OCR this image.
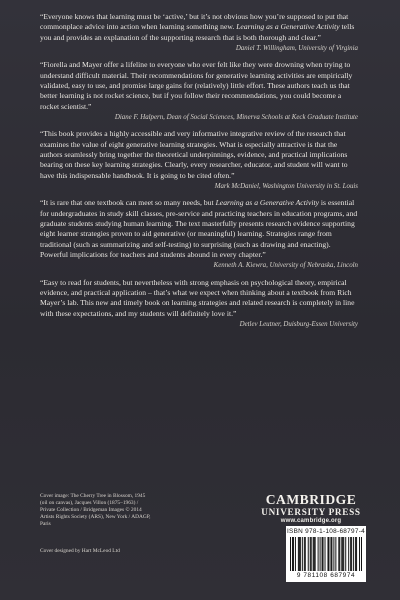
“Everyone knows that learning must be ‘active,’ but it’s not obvious how you’re supposed to put that commonplace advice into action when learning something new. Learning as a Generative Activity tells you and provides an explanation of the supporting research that is both thorough and clear.”

Daniel T. Willingham, University of Virginia

“Fiorella and Mayer offer a lifeline to everyone who ever felt like they were drowning when trying to understand difficult material. Their recommendations for generative learning activities are empirically validated, easy to use, and promise large gains for (relatively) little effort. These authors teach us that better learning is not rocket science, but if you follow their recommendations, you could become a rocket scientist.”

Diane F. Halpern, Dean of Social Sciences, Minerva Schools at Keck Graduate Institute

“This book provides a highly accessible and very informative integrative review of the research that examines the value of eight generative learning strategies. What is especially attractive is that the authors seamlessly bring together the theoretical underpinnings, evidence, and practical implications bearing on these key learning strategies. Clearly, every researcher, educator, and student will want to have this indispensable handbook. It is going to be cited often.”

Mark McDaniel, Washington University in St. Louis

“It is rare that one textbook can meet so many needs, but Learning as a Generative Activity is essential for undergraduates in study skill classes, pre-service and practicing teachers in education programs, and graduate students studying human learning. The text masterfully presents research evidence supporting eight learner strategies proven to aid generative (or meaningful) learning. Strategies range from traditional (such as summarizing and self-testing) to surprising (such as drawing and enacting). Powerful implications for teachers and students abound in every chapter.”

Kenneth A. Kiewra, University of Nebraska, Lincoln

“Easy to read for students, but nevertheless with strong emphasis on psychological theory, empirical evidence, and practical application – that’s what we expect when thinking about a textbook from Rich Mayer’s lab. This new and timely book on learning strategies and related research is completely in line with these expectations, and my students will definitely love it.”

Detlev Leutner, Duisburg-Essen University

Cover image: The Cherry Tree in Blossom, 1945 (oil on canvas), Jacques Villon (1875–1963) / Private Collection / Bridgeman Images © 2014 Artists Rights Society (ARS), New York / ADAGP, Paris
Cover designed by Hart McLeod Ltd
CAMBRIDGE
UNIVERSITY PRESS
www.cambridge.org
ISBN 978-1-108-68797-4
9 781108 687974
